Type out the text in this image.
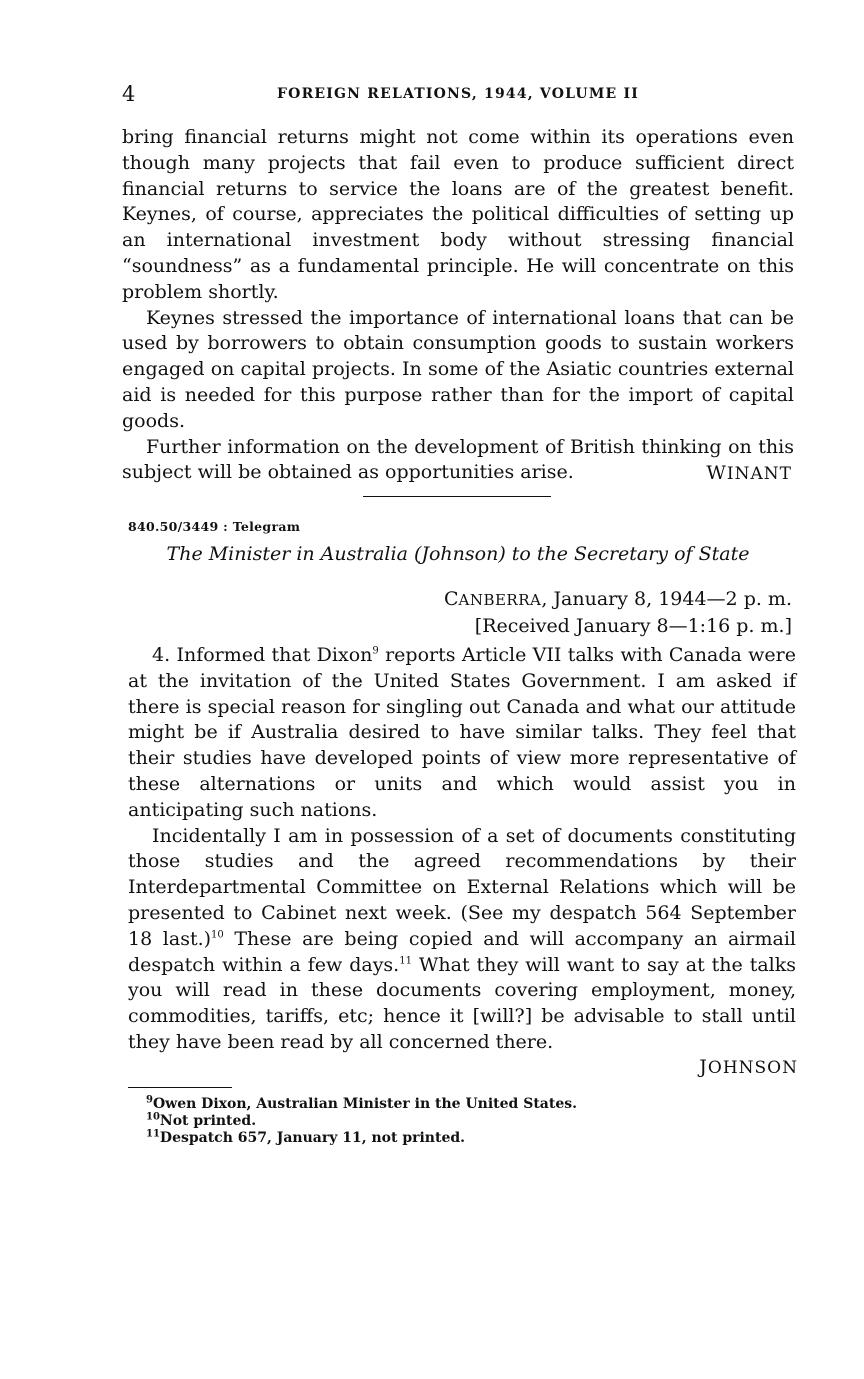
4	FOREIGN RELATIONS, 1944, VOLUME II

bring financial returns might not come within its operations even though many projects that fail even to produce sufficient direct financial returns to service the loans are of the greatest benefit. Keynes, of course, appreciates the political difficulties of setting up an international investment body without stressing financial “soundness” as a fundamental principle. He will concentrate on this problem shortly.

Keynes stressed the importance of international loans that can be used by borrowers to obtain consumption goods to sustain workers engaged on capital projects. In some of the Asiatic countries external aid is needed for this purpose rather than for the import of capital goods.

Further information on the development of British thinking on this subject will be obtained as opportunities arise.	WINANT
840.50/3449 : Telegram
The Minister in Australia (Johnson) to the Secretary of State
CANBERRA, January 8, 1944—2 p. m.
[Received January 8—1:16 p. m.]

4. Informed that Dixon$^9$ reports Article VII talks with Canada were at the invitation of the United States Government. I am asked if there is special reason for singling out Canada and what our attitude might be if Australia desired to have similar talks. They feel that their studies have developed points of view more representative of these alternations or units and which would assist you in anticipating such nations.

Incidentally I am in possession of a set of documents constituting those studies and the agreed recommendations by their Interdepartmental Committee on External Relations which will be presented to Cabinet next week. (See my despatch 564 September 18 last.)$^{10}$ These are being copied and will accompany an airmail despatch within a few days.$^{11}$ What they will want to say at the talks you will read in these documents covering employment, money, commodities, tariffs, etc; hence it [will?] be advisable to stall until they have been read by all concerned there.

JOHNSON
$^9$Owen Dixon, Australian Minister in the United States.
$^{10}$Not printed.
$^{11}$Despatch 657, January 11, not printed.
